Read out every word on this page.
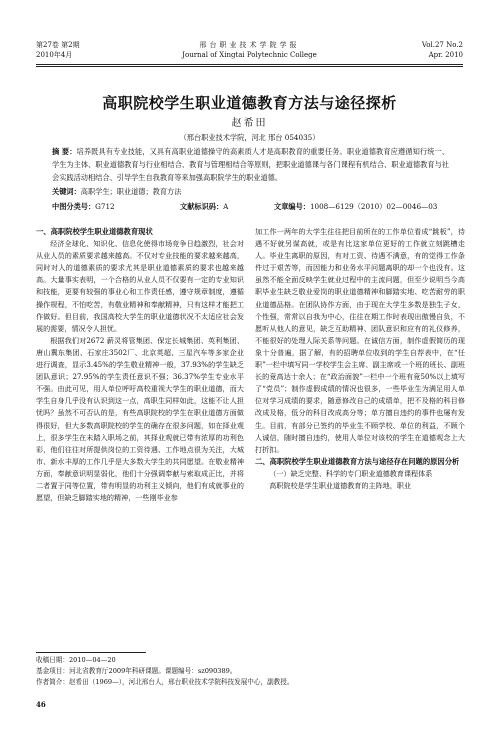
第27卷 第2期
2010年4月
邢台职业技术学院学报
Journal of Xingtai Polytechnic College
Vol.27 No.2
Apr. 2010
高职院校学生职业道德教育方法与途径探析
赵希田
（邢台职业技术学院，河北 邢台 054035）
摘 要：培养既具有专业技能，又具有高职业道德操守的高素质人才是高职教育的重要任务。职业道德教育应遵循知行统一、学生为主体、职业道德教育与行业相结合、教育与管理相结合等原则，把职业道德课与各门课程有机结合、职业道德教育与社会实践活动相结合、引导学生自我教育等来加强高职院学生的职业道德。
关键词：高职学生；职业道德；教育方法
中图分类号：G712	文献标识码：A	文章编号：1008—6129（2010）02—0046—03
一、高职院校学生职业道德教育现状

经济全球化、知识化、信息化使得市场竞争日趋激烈，社会对从业人员的素质要求越来越高。不仅对专业技能的要求越来越高，同时对人的道德素质的要求尤其是职业道德素质的要求也越来越高。大量事实表明，一个合格的从业人员不仅要有一定的专业知识和技能，更要有较强的事业心和工作责任感，遵守规章制度，遵循操作规程，不怕吃苦，有敬业精神和奉献精神，只有这样才能把工作做好。但目前，我国高校大学生的职业道德状况不太适应社会发展的需要，情况令人担忧。

根据我们对2672 薪灵将管集团、保定长城集团、英利集团、唐山冀东集团、石家庄3502厂、北京英超、三星汽车等多家企业进行调查，显示3.45%的学生敬业精神一般，37.93%的学生缺乏团队意识；27.95%的学生责任意识不强；36.37%学生专业水平不强。由此可见，用人单位呼吁高校重视大学生的职业道德，而大学生自身几乎没有认识到这一点，高职生同样如此，这能不让人担忧吗？虽然不可否认的是，有些高职院校的学生在职业道德方面做得很好，但大多数高职院校的学生的确存在很多问题，如在择业观上，很多学生在未踏入职场之前，其择业观就已带有浓厚的功利色彩，他们往往对所提供岗位的工资待遇、工作地点很为关注，大城市、新水丰厚的工作几乎是大多数大学生的共同愿望。在敬业精神方面，奉献意识明显弱化，他们十分强调奉献与索取成正比，并将二者置于同等位置，带有明显的功利主义倾向，他们有成就事业的愿望，但缺乏脚踏实地的精神，一些刚毕业参

加工作一两年的大学生往往把目前所在的工作单位看成“跳板”，待遇不好就另谋高就，或是有比这家单位更好的工作就立刻跳槽走人。毕业生离职的原因，有对工资、待遇不满意，有的觉得工作条件过于艰苦等，而因能力和业务水平问题离职的却一个也没有。这虽然不能全面反映学生就业过程中的主流问题，但至少说明当今高职毕业生缺乏敬业爱岗的职业道德精神和脚踏实地、吃苦耐劳的职业道德品格。在团队协作方面，由于现在大学生多数是独生子女，个性强，常常以自我为中心，往往在期工作时表现出傲慢自负，不愿听从他人的意见，缺乏互助精神、团队意识和应有的礼仪修养，不能很好的处理人际关系等问题。在诚信方面，制作虚假简历的现象十分普遍，据了解，有的招聘单位收到的学生自荐表中，在“任职”一栏中填写同一学校学生会主席、副主席或一个班的班长、副班长的竟高达十余人；在“政治面貌”一栏中一个班有竟50%以上填写了“党员”；制作虚假成绩的情况也很多，一些毕业生为满足用人单位对学习成绩的要求，随意修改自己的成绩单，把不及格的科目修改成及格，低分的科目改成高分等；单方擅自违约的事件也屡有发生。目前，有部分已签约的毕业生不顾学校、单位的利益，不顾个人诚信，随时擅自违约，使用人单位对该校的学生在道德观念上大打折扣。
二、高职院校学生职业道德教育方法与途径存在问题的原因分析
（一）缺乏完整、科学的专门职业道德教育课程体系

高职院校是学生职业道德教育的主阵地，职业

收稿日期：2010—04—20
基金项目：河北省教育厅2009年科研课题。课题编号：sz090389。
作者简介：赵希田（1969—），河北邢台人，邢台职业技术学院科技发展中心，副教授。
46
